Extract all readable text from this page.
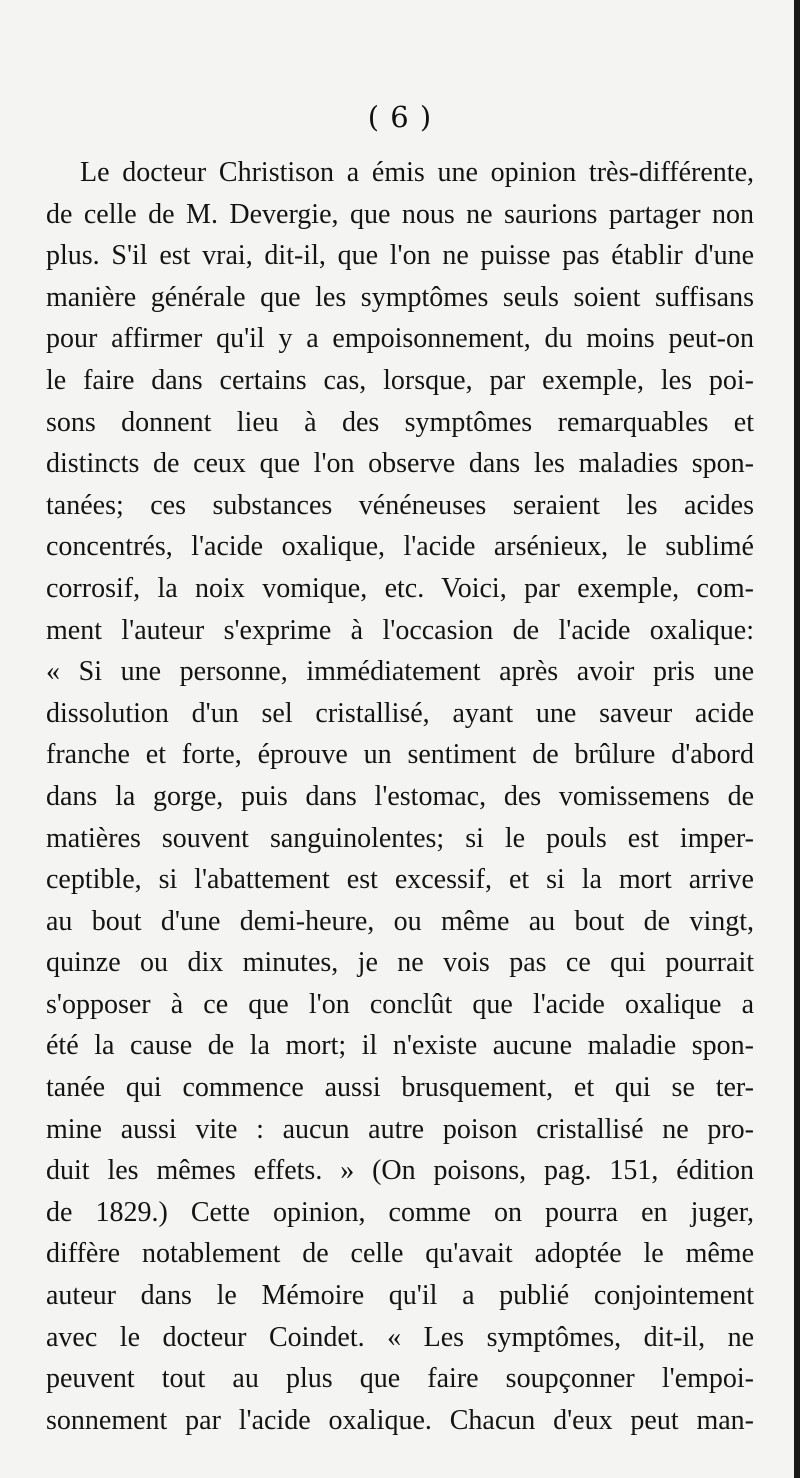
( 6 )
Le docteur Christison a émis une opinion très-différente,
de celle de M. Devergie, que nous ne saurions partager non
plus. S'il est vrai, dit-il, que l'on ne puisse pas établir d'une
manière générale que les symptômes seuls soient suffisans
pour affirmer qu'il y a empoisonnement, du moins peut-on
le faire dans certains cas, lorsque, par exemple, les poi-
sons donnent lieu à des symptômes remarquables et
distincts de ceux que l'on observe dans les maladies spon-
tanées; ces substances vénéneuses seraient les acides
concentrés, l'acide oxalique, l'acide arsénieux, le sublimé
corrosif, la noix vomique, etc. Voici, par exemple, com-
ment l'auteur s'exprime à l'occasion de l'acide oxalique:
« Si une personne, immédiatement après avoir pris une
dissolution d'un sel cristallisé, ayant une saveur acide
franche et forte, éprouve un sentiment de brûlure d'abord
dans la gorge, puis dans l'estomac, des vomissemens de
matières souvent sanguinolentes; si le pouls est imper-
ceptible, si l'abattement est excessif, et si la mort arrive
au bout d'une demi-heure, ou même au bout de vingt,
quinze ou dix minutes, je ne vois pas ce qui pourrait
s'opposer à ce que l'on conclût que l'acide oxalique a
été la cause de la mort; il n'existe aucune maladie spon-
tanée qui commence aussi brusquement, et qui se ter-
mine aussi vite : aucun autre poison cristallisé ne pro-
duit les mêmes effets. » (On poisons, pag. 151, édition
de 1829.) Cette opinion, comme on pourra en juger,
diffère notablement de celle qu'avait adoptée le même
auteur dans le Mémoire qu'il a publié conjointement
avec le docteur Coindet. « Les symptômes, dit-il, ne
peuvent tout au plus que faire soupçonner l'empoi-
sonnement par l'acide oxalique. Chacun d'eux peut man-
